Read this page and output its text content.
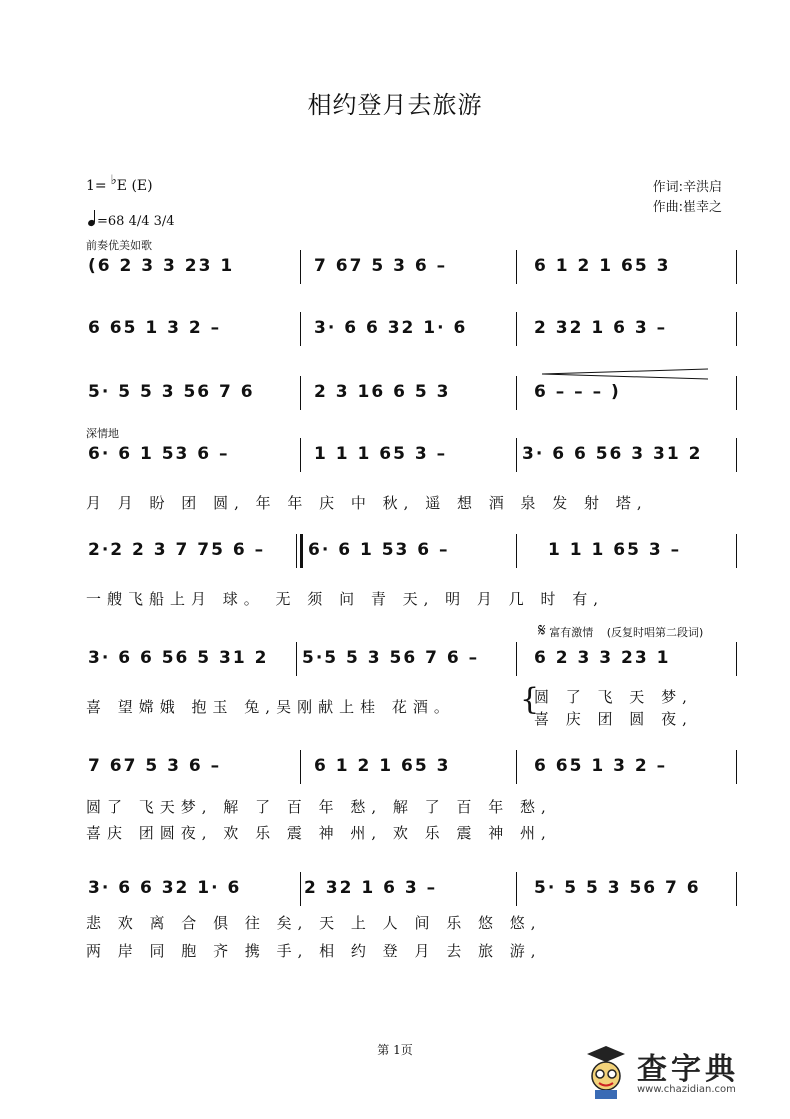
相约登月去旅游
1= ♭E (E)
=68 4/4 3/4
作词:辛洪启
作曲:崔幸之
前奏优美如歌
深情地
𝄋 富有激情 (反复时唱第二段词)
(6 2 3 3 23 1	7 67 5 3 6 –	6 1 2 1 65 3
6 65 1 3 2 –	3· 6 6 32 1· 6	2 32 1 6 3 –
5· 5 5 3 56 7 6	2 3 16 6 5 3	6 – – – )
6· 6 1 53 6 –	1 1 1 65 3 –	3· 6 6 56 3 31 2
月 月 盼 团 圆, 年 年 庆 中 秋, 遥 想 酒 泉 发 射 塔,
2·2 2 3 7 75 6 –	6· 6 1 53 6 –	1 1 1 65 3 –
一艘飞船上月 球。 无 须 问 青 天, 明 月 几 时 有,
3· 6 6 56 5 31 2 5·5 5 3 56 7 6 –	6 2 3 3 23 1
喜 望嫦娥 抱玉 兔,吴刚献上桂 花酒。 {
圆 了 飞 天 梦,
喜 庆 团 圆 夜,
7 67 5 3 6 –	6 1 2 1 65 3	6 65 1 3 2 –
圆了 飞天梦, 解 了 百 年 愁, 解 了 百 年 愁,
喜庆 团圆夜, 欢 乐 震 神 州, 欢 乐 震 神 州,
3· 6 6 32 1· 6	2 32 1 6 3 –	5· 5 5 3 56 7 6
悲 欢 离 合 俱 往 矣, 天 上 人 间 乐 悠 悠,
两 岸 同 胞 齐 携 手, 相 约 登 月 去 旅 游,
第 1页
查字典
www.chazidian.com
